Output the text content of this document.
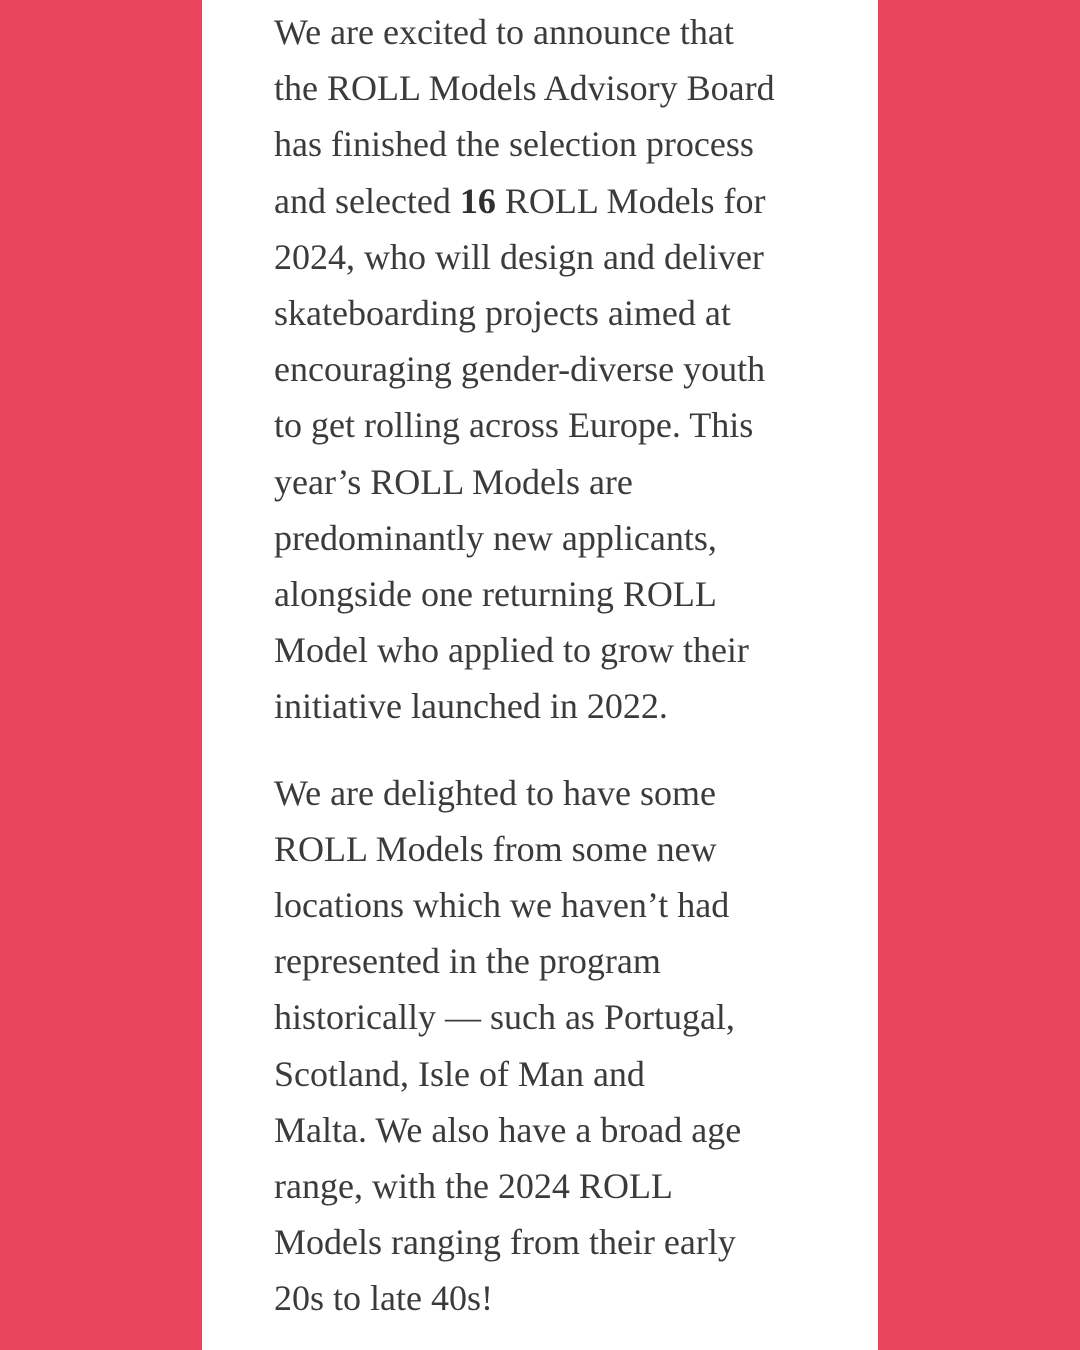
We are excited to announce that
the ROLL Models Advisory Board
has finished the selection process
and selected 16 ROLL Models for
2024, who will design and deliver
skateboarding projects aimed at
encouraging gender-diverse youth
to get rolling across Europe. This
year’s ROLL Models are
predominantly new applicants,
alongside one returning ROLL
Model who applied to grow their
initiative launched in 2022.

We are delighted to have some
ROLL Models from some new
locations which we haven’t had
represented in the program
historically — such as Portugal,
Scotland, Isle of Man and
Malta. We also have a broad age
range, with the 2024 ROLL
Models ranging from their early
20s to late 40s!
